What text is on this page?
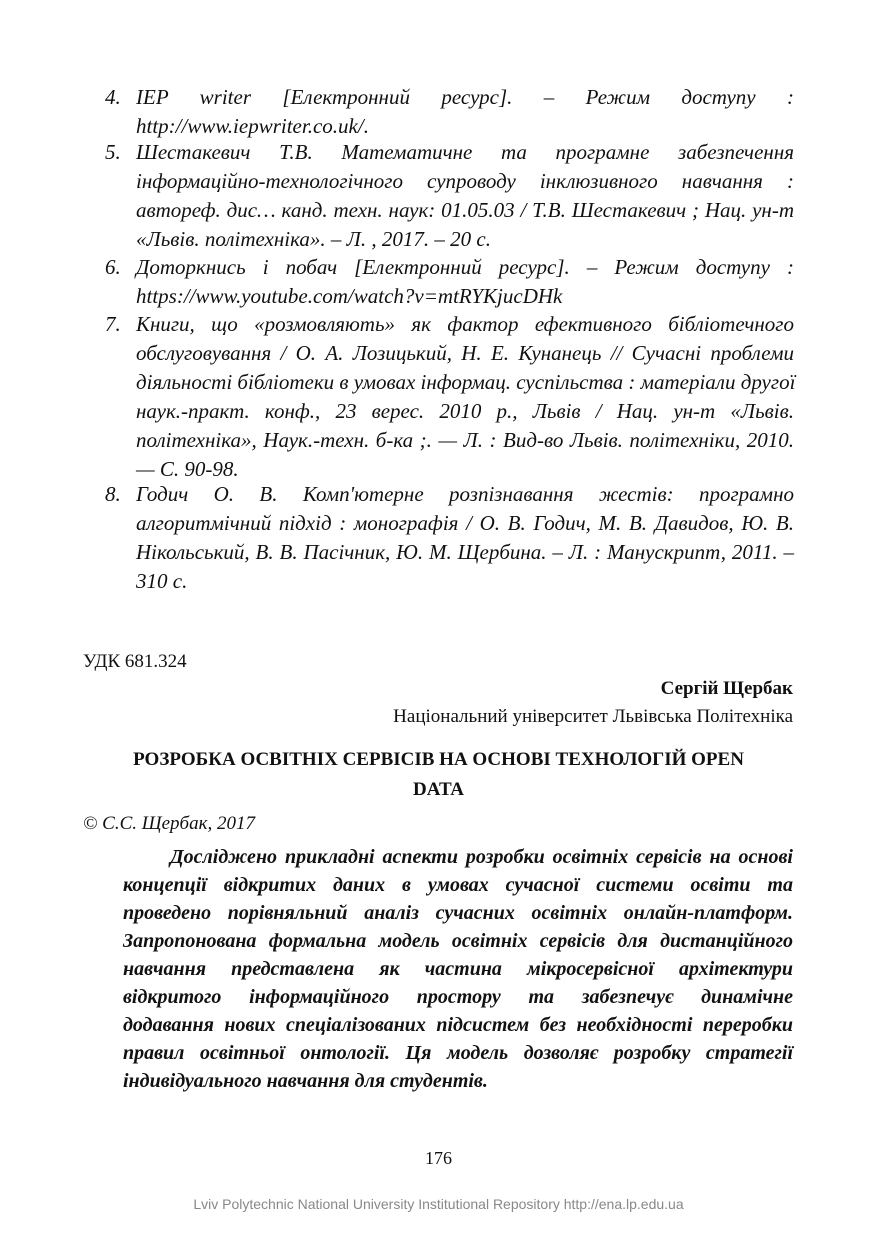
4. IEP writer [Електронний ресурс]. – Режим доступу :
http://www.iepwriter.co.uk/.
5. Шестакевич Т.В. Математичне та програмне забезпечення
інформаційно-технологічного супроводу інклюзивного навчання :
автореф. дис… канд. техн. наук: 01.05.03 / Т.В. Шестакевич ; Нац. ун-т
«Львів. політехніка». – Л. , 2017. – 20 с.
6. Доторкнись і побач [Електронний ресурс]. – Режим доступу :
https://www.youtube.com/watch?v=mtRYKjucDHk
7. Книги, що «розмовляють» як фактор ефективного бібліотечного
обслуговування / О. А. Лозицький, Н. Е. Кунанець // Сучасні проблеми
діяльності бібліотеки в умовах інформац. суспільства : матеріали другої
наук.-практ. конф., 23 верес. 2010 р., Львів / Нац. ун-т «Львів.
політехніка», Наук.-техн. б-ка ;. — Л. : Вид-во Львів. політехніки, 2010.
— С. 90-98.
8. Годич О. В. Комп'ютерне розпізнавання жестів: програмно
алгоритмічний підхід : монографія / О. В. Годич, М. В. Давидов, Ю. В.
Нікольський, В. В. Пасічник, Ю. М. Щербина. – Л. : Манускрипт, 2011. –
310 с.
УДК 681.324
Сергій Щербак
Національний університет Львівська Політехніка
РОЗРОБКА ОСВІТНІХ СЕРВІСІВ НА ОСНОВІ ТЕХНОЛОГІЙ OPEN
DATA
© С.С. Щербак, 2017
Досліджено прикладні аспекти розробки освітніх сервісів на основі
концепції відкритих даних в умовах сучасної системи освіти та
проведено порівняльний аналіз сучасних освітніх онлайн-платформ.
Запропонована формальна модель освітніх сервісів для дистанційного
навчання представлена як частина мікросервісної архітектури
відкритого інформаційного простору та забезпечує динамічне
додавання нових спеціалізованих підсистем без необхідності переробки
правил освітньої онтології. Ця модель дозволяє розробку стратегії
індивідуального навчання для студентів.
176
Lviv Polytechnic National University Institutional Repository http://ena.lp.edu.ua
